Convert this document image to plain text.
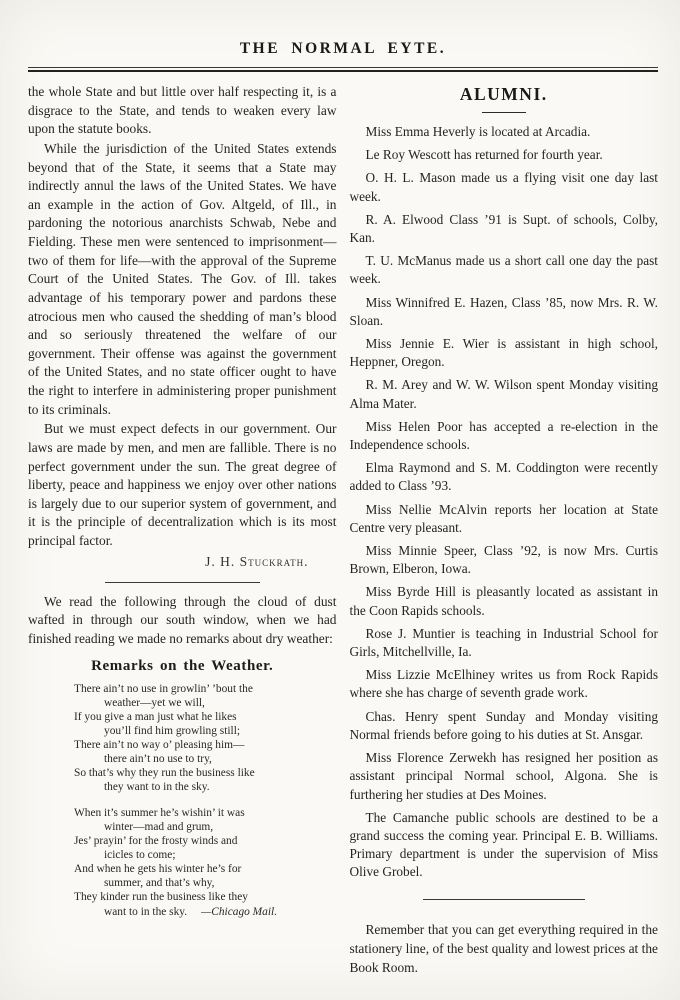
THE NORMAL EYTE.

the whole State and but little over half respecting it, is a disgrace to the State, and tends to weaken every law upon the statute books.

While the jurisdiction of the United States extends beyond that of the State, it seems that a State may indirectly annul the laws of the United States. We have an example in the action of Gov. Altgeld, of Ill., in pardoning the notorious anarchists Schwab, Nebe and Fielding. These men were sentenced to imprisonment—two of them for life—with the approval of the Supreme Court of the United States. The Gov. of Ill. takes advantage of his temporary power and pardons these atrocious men who caused the shedding of man’s blood and so seriously threatened the welfare of our government. Their offense was against the government of the United States, and no state officer ought to have the right to interfere in administering proper punishment to its criminals.

But we must expect defects in our government. Our laws are made by men, and men are fallible. There is no perfect government under the sun. The great degree of liberty, peace and happiness we enjoy over other nations is largely due to our superior system of government, and it is the principle of decentralization which is its most principal factor.

J. H. Stuckrath.

We read the following through the cloud of dust wafted in through our south window, when we had finished reading we made no remarks about dry weather:

Remarks on the Weather.
There ain’t no use in growlin’ ’bout the
weather—yet we will,
If you give a man just what he likes
you’ll find him growling still;
There ain’t no way o’ pleasing him—
there ain’t no use to try,
So that’s why they run the business like
they want to in the sky.
When it’s summer he’s wishin’ it was
winter—mad and grum,
Jes’ prayin’ for the frosty winds and
icicles to come;
And when he gets his winter he’s for
summer, and that’s why,
They kinder run the business like they
want to in the sky. —Chicago Mail.
ALUMNI.

Miss Emma Heverly is located at Arcadia.

Le Roy Wescott has returned for fourth year.

O. H. L. Mason made us a flying visit one day last week.

R. A. Elwood Class ’91 is Supt. of schools, Colby, Kan.

T. U. McManus made us a short call one day the past week.

Miss Winnifred E. Hazen, Class ’85, now Mrs. R. W. Sloan.

Miss Jennie E. Wier is assistant in high school, Heppner, Oregon.

R. M. Arey and W. W. Wilson spent Monday visiting Alma Mater.

Miss Helen Poor has accepted a re-election in the Independence schools.

Elma Raymond and S. M. Coddington were recently added to Class ’93.

Miss Nellie McAlvin reports her location at State Centre very pleasant.

Miss Minnie Speer, Class ’92, is now Mrs. Curtis Brown, Elberon, Iowa.

Miss Byrde Hill is pleasantly located as assistant in the Coon Rapids schools.

Rose J. Muntier is teaching in Industrial School for Girls, Mitchellville, Ia.

Miss Lizzie McElhiney writes us from Rock Rapids where she has charge of seventh grade work.

Chas. Henry spent Sunday and Monday visiting Normal friends before going to his duties at St. Ansgar.

Miss Florence Zerwekh has resigned her position as assistant principal Normal school, Algona. She is furthering her studies at Des Moines.

The Camanche public schools are destined to be a grand success the coming year. Principal E. B. Williams. Primary department is under the supervision of Miss Olive Grobel.

Remember that you can get everything required in the stationery line, of the best quality and lowest prices at the Book Room.
